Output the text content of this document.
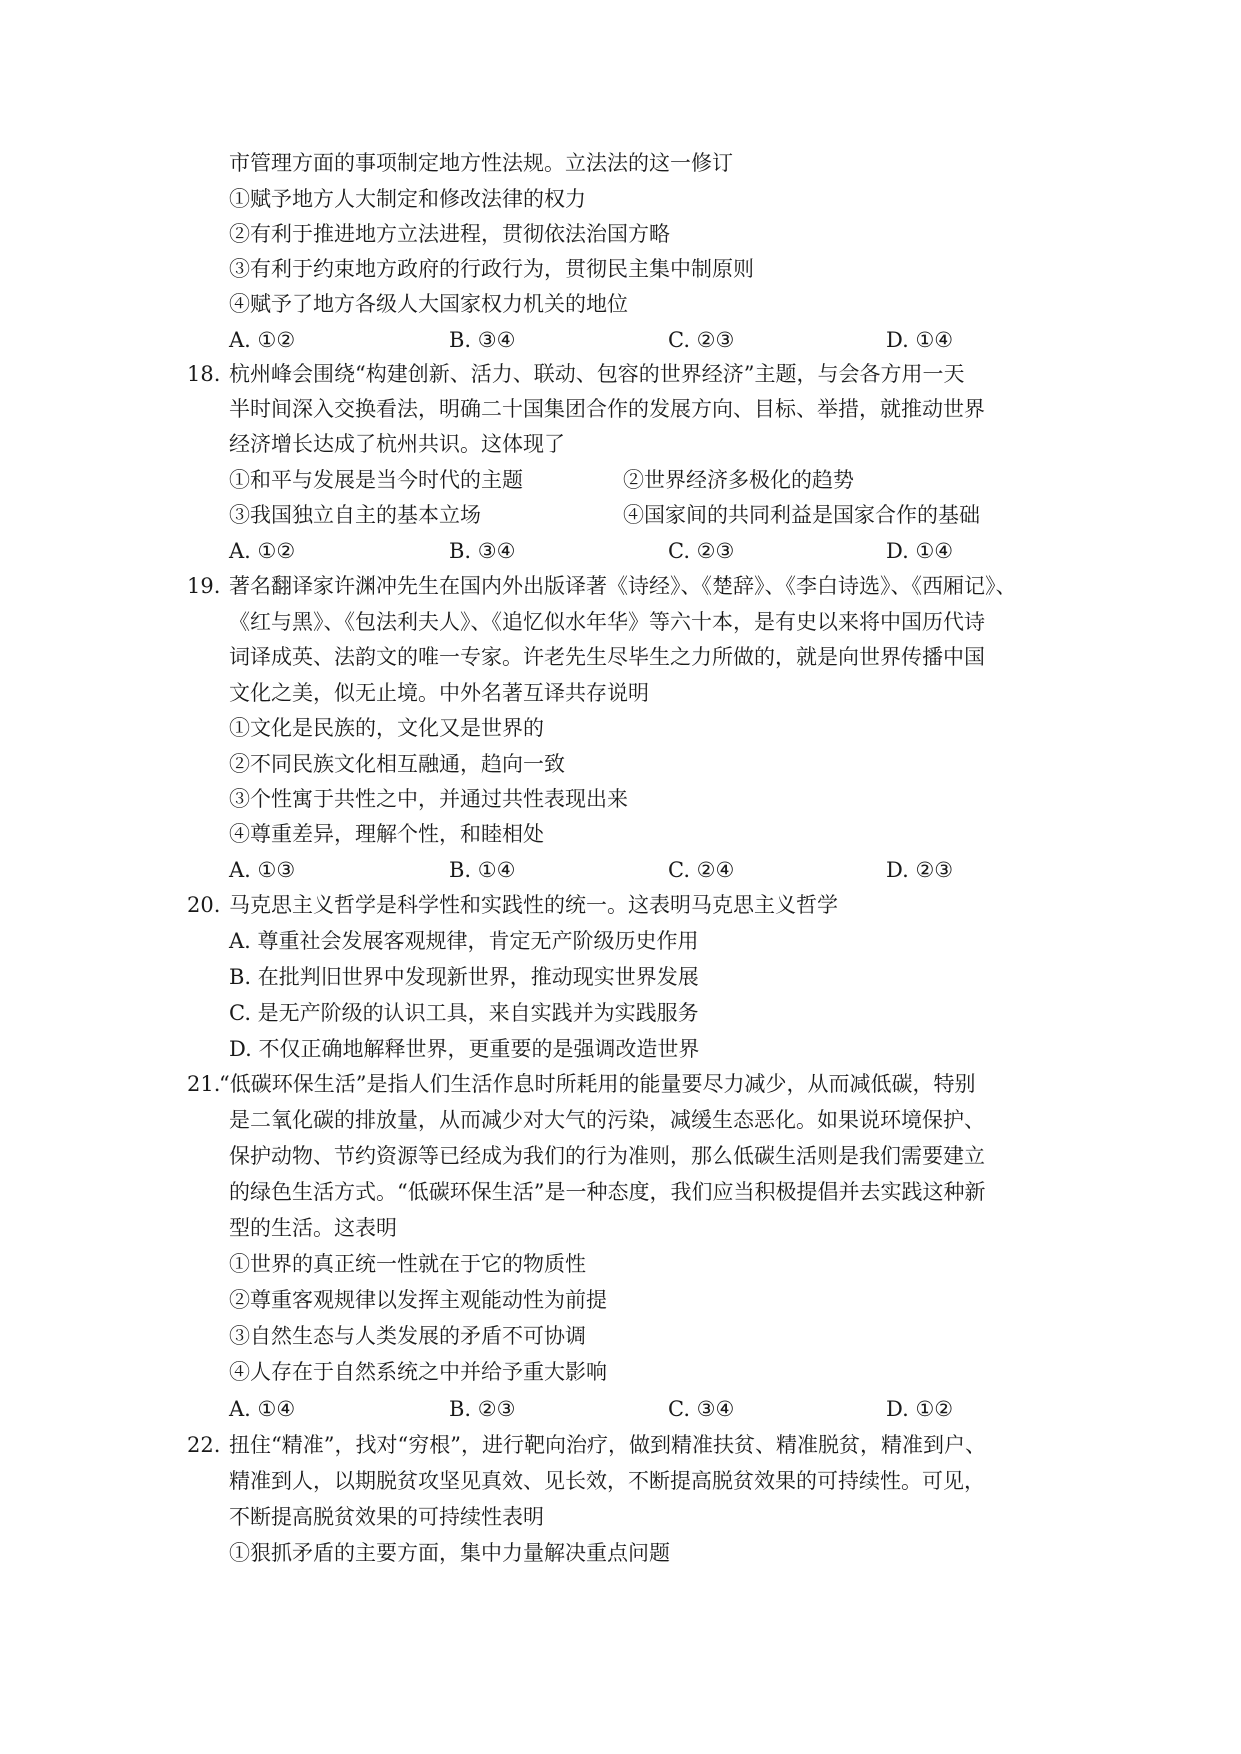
市管理方面的事项制定地方性法规。立法法的这一修订
①赋予地方人大制定和修改法律的权力
②有利于推进地方立法进程，贯彻依法治国方略
③有利于约束地方政府的行政行为，贯彻民主集中制原则
④赋予了地方各级人大国家权力机关的地位
A. ①②	B. ③④	C. ②③	D. ①④
18. 杭州峰会围绕“构建创新、活力、联动、包容的世界经济”主题，与会各方用一天
半时间深入交换看法，明确二十国集团合作的发展方向、目标、举措，就推动世界
经济增长达成了杭州共识。这体现了
①和平与发展是当今时代的主题	②世界经济多极化的趋势
③我国独立自主的基本立场	④国家间的共同利益是国家合作的基础
A. ①②	B. ③④	C. ②③	D. ①④
19. 著名翻译家许渊冲先生在国内外出版译著《诗经》、《楚辞》、《李白诗选》、《西厢记》、
《红与黑》、《包法利夫人》、《追忆似水年华》等六十本，是有史以来将中国历代诗
词译成英、法韵文的唯一专家。许老先生尽毕生之力所做的，就是向世界传播中国
文化之美，似无止境。中外名著互译共存说明
①文化是民族的，文化又是世界的
②不同民族文化相互融通，趋向一致
③个性寓于共性之中，并通过共性表现出来
④尊重差异，理解个性，和睦相处
A. ①③	B. ①④	C. ②④	D. ②③
20. 马克思主义哲学是科学性和实践性的统一。这表明马克思主义哲学
A. 尊重社会发展客观规律，肯定无产阶级历史作用
B. 在批判旧世界中发现新世界，推动现实世界发展
C. 是无产阶级的认识工具，来自实践并为实践服务
D. 不仅正确地解释世界，更重要的是强调改造世界
21.
“低碳环保生活”是指人们生活作息时所耗用的能量要尽力减少，从而减低碳，特别
是二氧化碳的排放量，从而减少对大气的污染，减缓生态恶化。如果说环境保护、
保护动物、节约资源等已经成为我们的行为准则，那么低碳生活则是我们需要建立
的绿色生活方式。“低碳环保生活”是一种态度，我们应当积极提倡并去实践这种新
型的生活。这表明
①世界的真正统一性就在于它的物质性
②尊重客观规律以发挥主观能动性为前提
③自然生态与人类发展的矛盾不可协调
④人存在于自然系统之中并给予重大影响
A. ①④	B. ②③	C. ③④	D. ①②
22. 扭住“精准”，找对“穷根”，进行靶向治疗，做到精准扶贫、精准脱贫，精准到户、
精准到人，以期脱贫攻坚见真效、见长效，不断提高脱贫效果的可持续性。可见，
不断提高脱贫效果的可持续性表明
①狠抓矛盾的主要方面，集中力量解决重点问题
